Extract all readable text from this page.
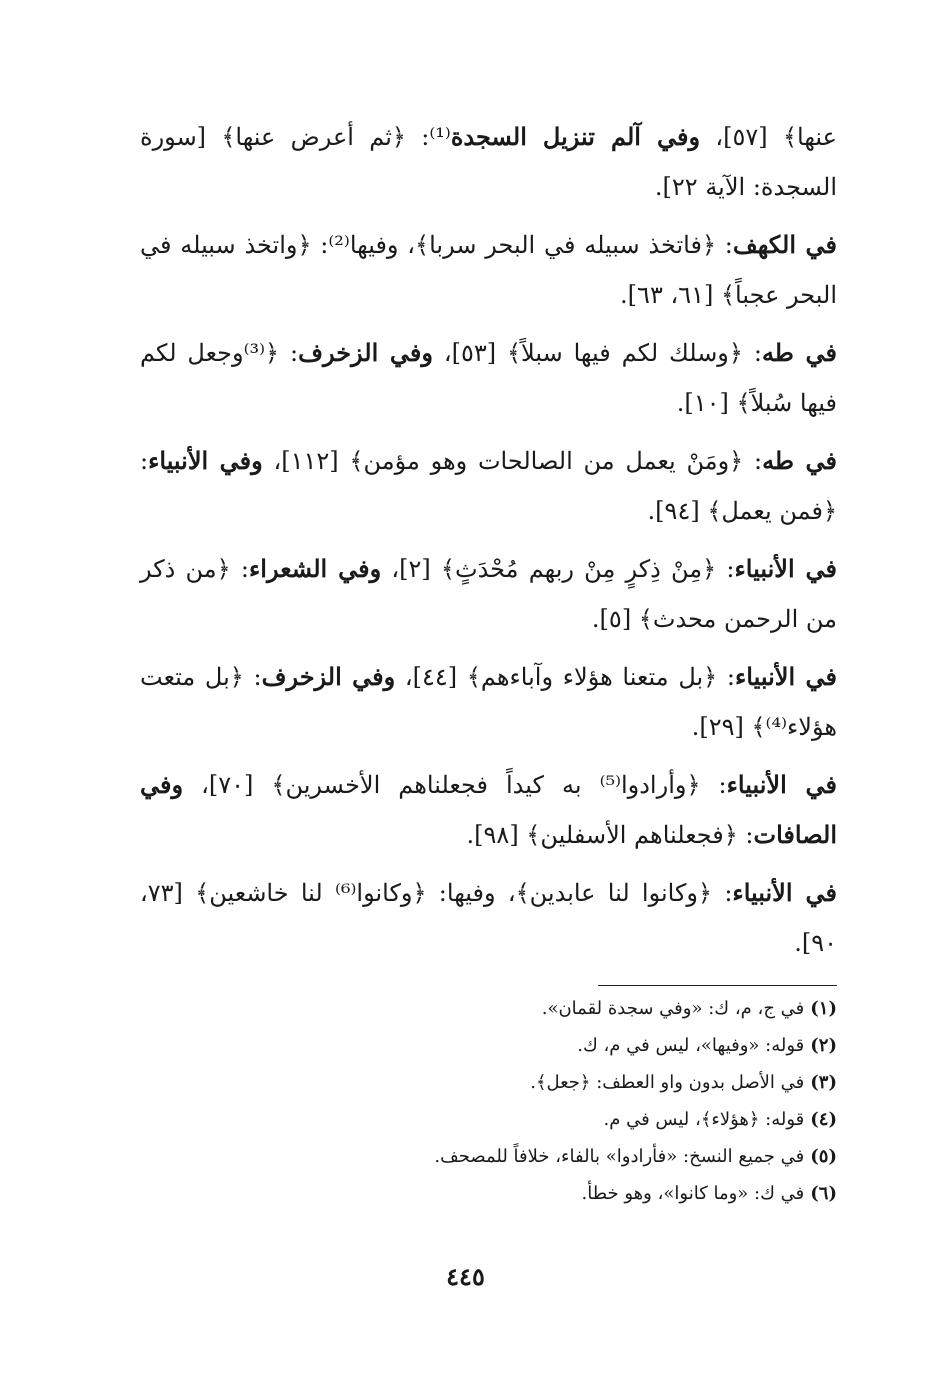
عنها﴾ [٥٧]، وفي آلم تنزيل السجدة⁽¹⁾: ﴿ثم أعرض عنها﴾ [سورة السجدة: الآية ٢٢].

في الكهف: ﴿فاتخذ سبيله في البحر سربا﴾، وفيها⁽²⁾: ﴿واتخذ سبيله في البحر عجباً﴾ [٦١، ٦٣].

في طه: ﴿وسلك لكم فيها سبلاً﴾ [٥٣]، وفي الزخرف: ﴿⁽³⁾وجعل لكم فيها سُبلاً﴾ [١٠].

في طه: ﴿ومَنْ يعمل من الصالحات وهو مؤمن﴾ [١١٢]، وفي الأنبياء: ﴿فمن يعمل﴾ [٩٤].

في الأنبياء: ﴿مِنْ ذِكرٍ مِنْ ربهم مُحْدَثٍ﴾ [٢]، وفي الشعراء: ﴿من ذكر من الرحمن محدث﴾ [٥].

في الأنبياء: ﴿بل متعنا هؤلاء وآباءهم﴾ [٤٤]، وفي الزخرف: ﴿بل متعت هؤلاء⁽⁴⁾﴾ [٢٩].

في الأنبياء: ﴿وأرادوا⁽⁵⁾ به كيداً فجعلناهم الأخسرين﴾ [٧٠]، وفي الصافات: ﴿فجعلناهم الأسفلين﴾ [٩٨].

في الأنبياء: ﴿وكانوا لنا عابدين﴾، وفيها: ﴿وكانوا⁽⁶⁾ لنا خاشعين﴾ [٧٣، ٩٠].

(١)في ج، م، ك: «وفي سجدة لقمان».
(٢)قوله: «وفيها»، ليس في م، ك.
(٣)في الأصل بدون واو العطف: ﴿جعل﴾.
(٤)قوله: ﴿هؤلاء﴾، ليس في م.
(٥)في جميع النسخ: «فأرادوا» بالفاء، خلافاً للمصحف.
(٦)في ك: «وما كانوا»، وهو خطأ.
٤٤٥
